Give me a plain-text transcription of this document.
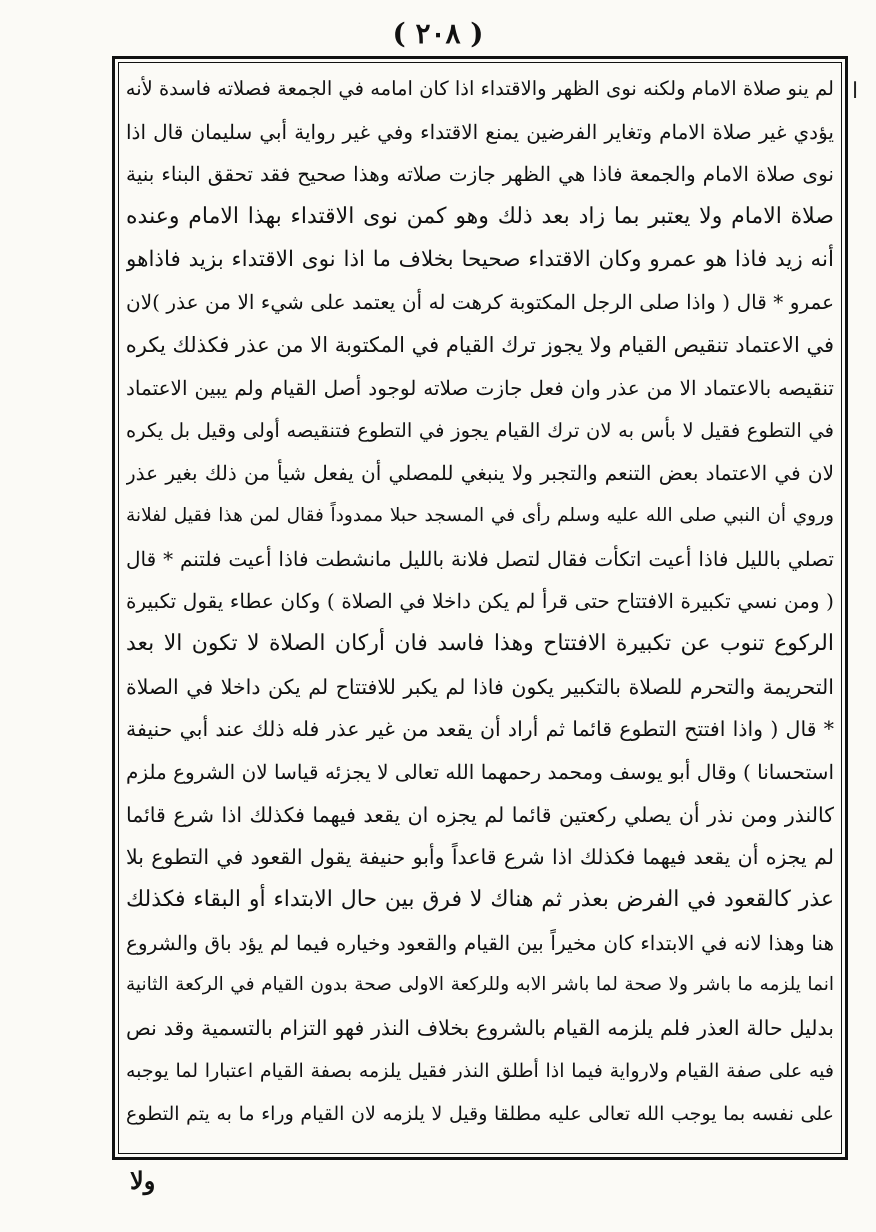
( ٢٠٨ )
ا
لم ينو صلاة الامام ولكنه نوى الظهر والاقتداء اذا كان امامه في الجمعة فصلاته فاسدة لأنه
يؤدي غير صلاة الامام وتغاير الفرضين يمنع الاقتداء وفي غير رواية أبي سليمان قال اذا
نوى صلاة الامام والجمعة فاذا هي الظهر جازت صلاته وهذا صحيح فقد تحقق البناء بنية
صلاة الامام ولا يعتبر بما زاد بعد ذلك وهو كمن نوى الاقتداء بهذا الامام وعنده
أنه زيد فاذا هو عمرو وكان الاقتداء صحيحا بخلاف ما اذا نوى الاقتداء بزيد فاذاهو
عمرو * قال ( واذا صلى الرجل المكتوبة كرهت له أن يعتمد على شيء الا من عذر )لان
في الاعتماد تنقيص القيام ولا يجوز ترك القيام في المكتوبة الا من عذر فكذلك يكره
تنقيصه بالاعتماد الا من عذر وان فعل جازت صلاته لوجود أصل القيام ولم يبين الاعتماد
في التطوع فقيل لا بأس به لان ترك القيام يجوز في التطوع فتنقيصه أولى وقيل بل يكره
لان في الاعتماد بعض التنعم والتجبر ولا ينبغي للمصلي أن يفعل شيأ من ذلك بغير عذر
وروي أن النبي صلى الله عليه وسلم رأى في المسجد حبلا ممدوداً فقال لمن هذا فقيل لفلانة
تصلي بالليل فاذا أعيت اتكأت فقال لتصل فلانة بالليل مانشطت فاذا أعيت فلتنم * قال
( ومن نسي تكبيرة الافتتاح حتى قرأ لم يكن داخلا في الصلاة ) وكان عطاء يقول تكبيرة
الركوع تنوب عن تكبيرة الافتتاح وهذا فاسد فان أركان الصلاة لا تكون الا بعد
التحريمة والتحرم للصلاة بالتكبير يكون فاذا لم يكبر للافتتاح لم يكن داخلا في الصلاة
* قال ( واذا افتتح التطوع قائما ثم أراد أن يقعد من غير عذر فله ذلك عند أبي حنيفة
استحسانا ) وقال أبو يوسف ومحمد رحمهما الله تعالى لا يجزئه قياسا لان الشروع ملزم
كالنذر ومن نذر أن يصلي ركعتين قائما لم يجزه ان يقعد فيهما فكذلك اذا شرع قائما
لم يجزه أن يقعد فيهما فكذلك اذا شرع قاعداً وأبو حنيفة يقول القعود في التطوع بلا
عذر كالقعود في الفرض بعذر ثم هناك لا فرق بين حال الابتداء أو البقاء فكذلك
هنا وهذا لانه في الابتداء كان مخيراً بين القيام والقعود وخياره فيما لم يؤد باق والشروع
انما يلزمه ما باشر ولا صحة لما باشر الابه وللركعة الاولى صحة بدون القيام في الركعة الثانية
بدليل حالة العذر فلم يلزمه القيام بالشروع بخلاف النذر فهو التزام بالتسمية وقد نص
فيه على صفة القيام ولارواية فيما اذا أطلق النذر فقيل يلزمه بصفة القيام اعتبارا لما يوجبه
على نفسه بما يوجب الله تعالى عليه مطلقا وقيل لا يلزمه لان القيام وراء ما به يتم التطوع
ولا
